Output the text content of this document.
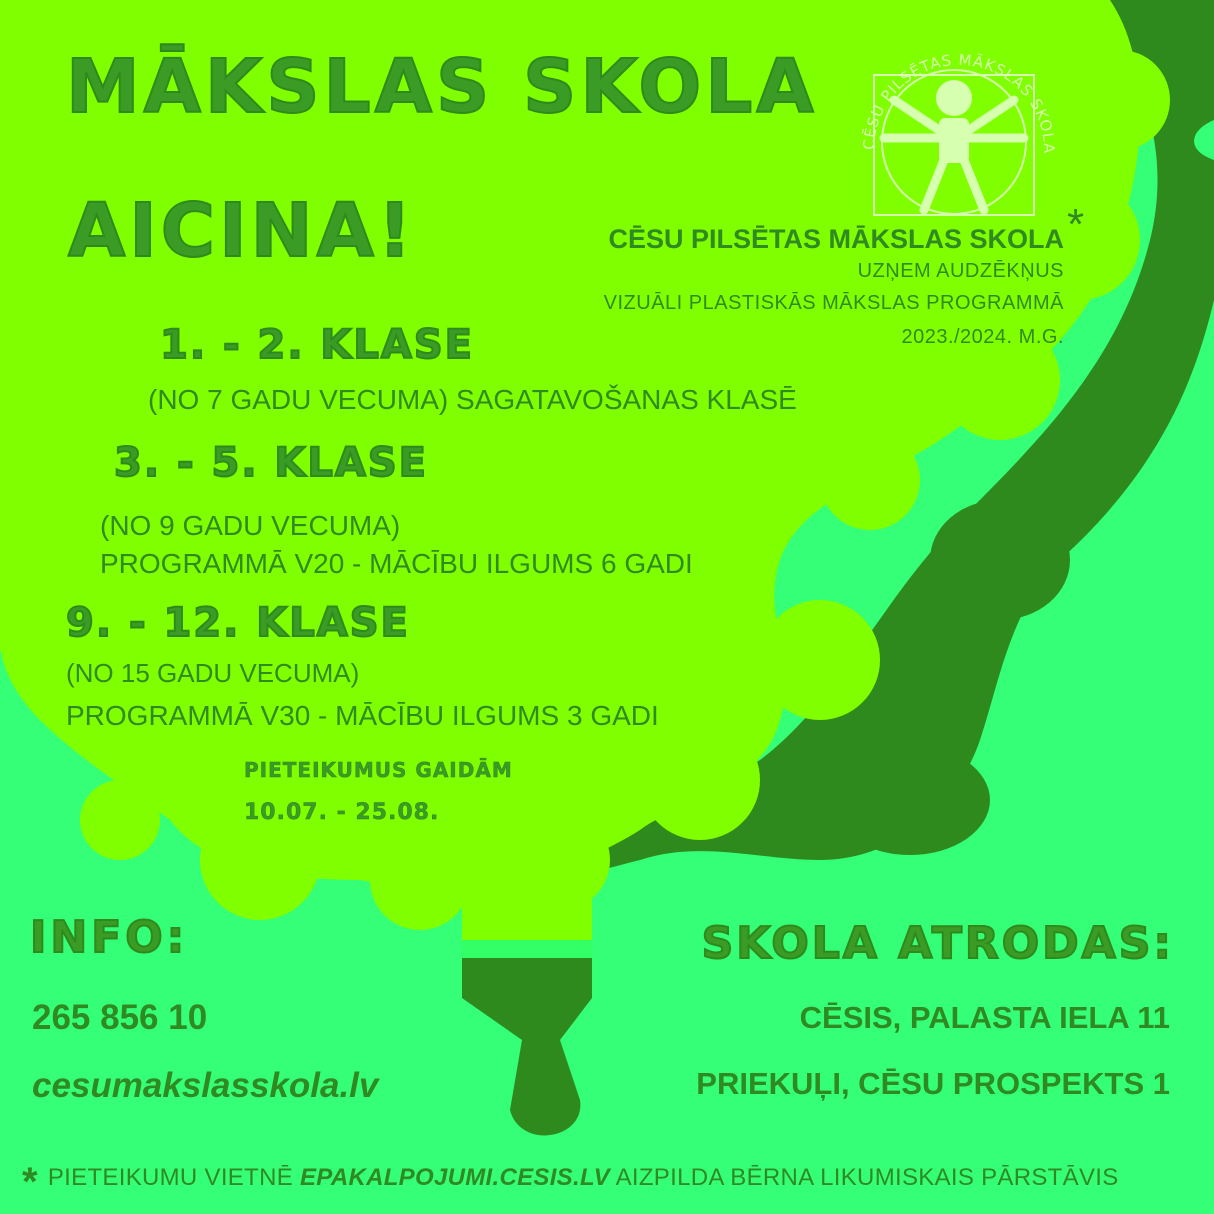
CĒSU PILSĒTAS MĀKSLAS SKOLA
MĀKSLAS SKOLA
AICINA!	CĒSU PILSĒTAS MĀKSLAS SKOLA *
UZŅEM AUDZĒKŅUS
VIZUĀLI PLASTISKĀS MĀKSLAS PROGRAMMĀ
2023./2024. M.G.
1. - 2. KLASE
(NO 7 GADU VECUMA) SAGATAVOŠANAS KLASĒ
3. - 5. KLASE
(NO 9 GADU VECUMA)
PROGRAMMĀ V20 - MĀCĪBU ILGUMS 6 GADI
9. - 12. KLASE
(NO 15 GADU VECUMA)
PROGRAMMĀ V30 - MĀCĪBU ILGUMS 3 GADI
PIETEIKUMUS GAIDĀM
10.07. - 25.08.
INFO:
265 856 10
cesumakslasskola.lv
SKOLA ATRODAS:
CĒSIS, PALASTA IELA 11
PRIEKUĻI, CĒSU PROSPEKTS 1
* PIETEIKUMU VIETNĒ EPAKALPOJUMI.CESIS.LV AIZPILDA BĒRNA LIKUMISKAIS PĀRSTĀVIS
